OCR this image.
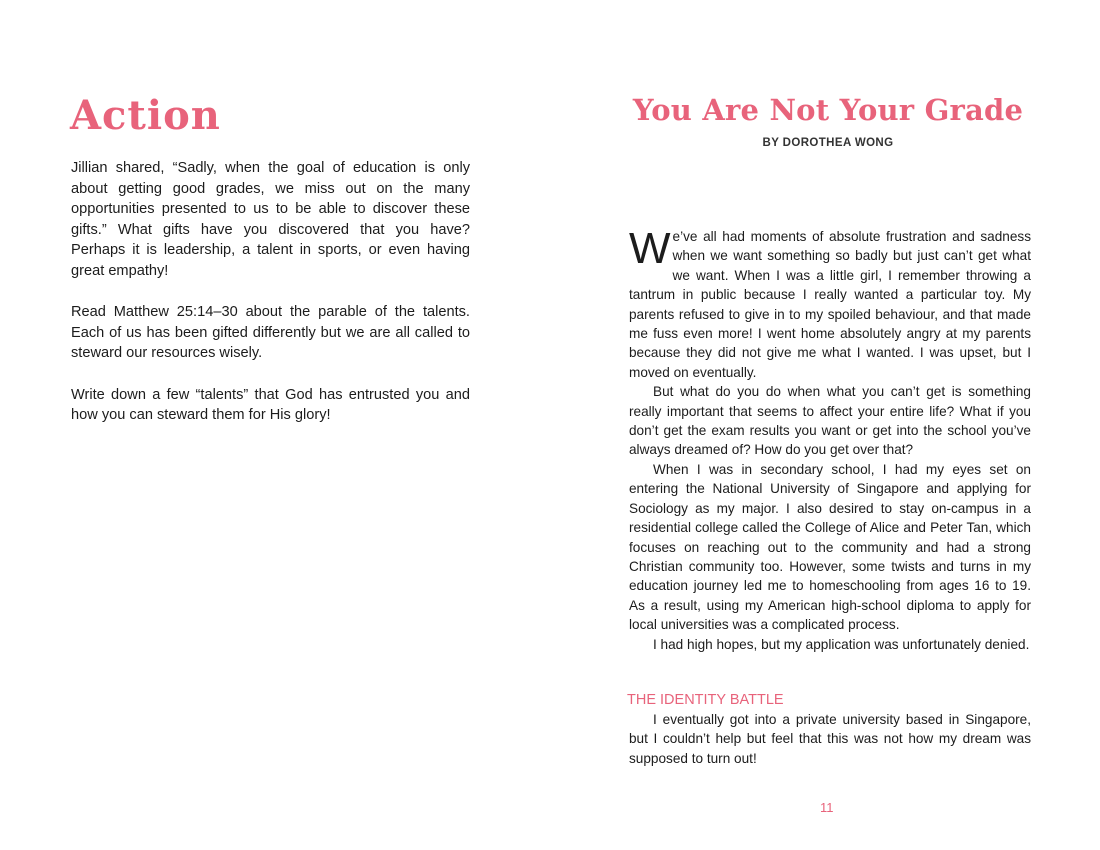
Action

Jillian shared, “Sadly, when the goal of education is only about getting good grades, we miss out on the many opportunities presented to us to be able to discover these gifts.” What gifts have you discovered that you have? Perhaps it is leadership, a talent in sports, or even having great empathy!

Read Matthew 25:14–30 about the parable of the talents. Each of us has been gifted differently but we are all called to steward our resources wisely.

Write down a few “talents” that God has entrusted you and how you can steward them for His glory!

You Are Not Your Grade
BY DOROTHEA WONG

We’ve all had moments of absolute frustration and sadness when we want something so badly but just can’t get what we want. When I was a little girl, I remember throwing a tantrum in public because I really wanted a particular toy. My parents refused to give in to my spoiled behaviour, and that made me fuss even more! I went home absolutely angry at my parents because they did not give me what I wanted. I was upset, but I moved on eventually.

But what do you do when what you can’t get is something really important that seems to affect your entire life? What if you don’t get the exam results you want or get into the school you’ve always dreamed of? How do you get over that?

When I was in secondary school, I had my eyes set on entering the National University of Singapore and applying for Sociology as my major. I also desired to stay on-campus in a residential college called the College of Alice and Peter Tan, which focuses on reaching out to the community and had a strong Christian community too. However, some twists and turns in my education journey led me to homeschooling from ages 16 to 19. As a result, using my American high-school diploma to apply for local universities was a complicated process.

I had high hopes, but my application was unfortunately denied.

THE IDENTITY BATTLE

I eventually got into a private university based in Singapore, but I couldn’t help but feel that this was not how my dream was supposed to turn out!

11
